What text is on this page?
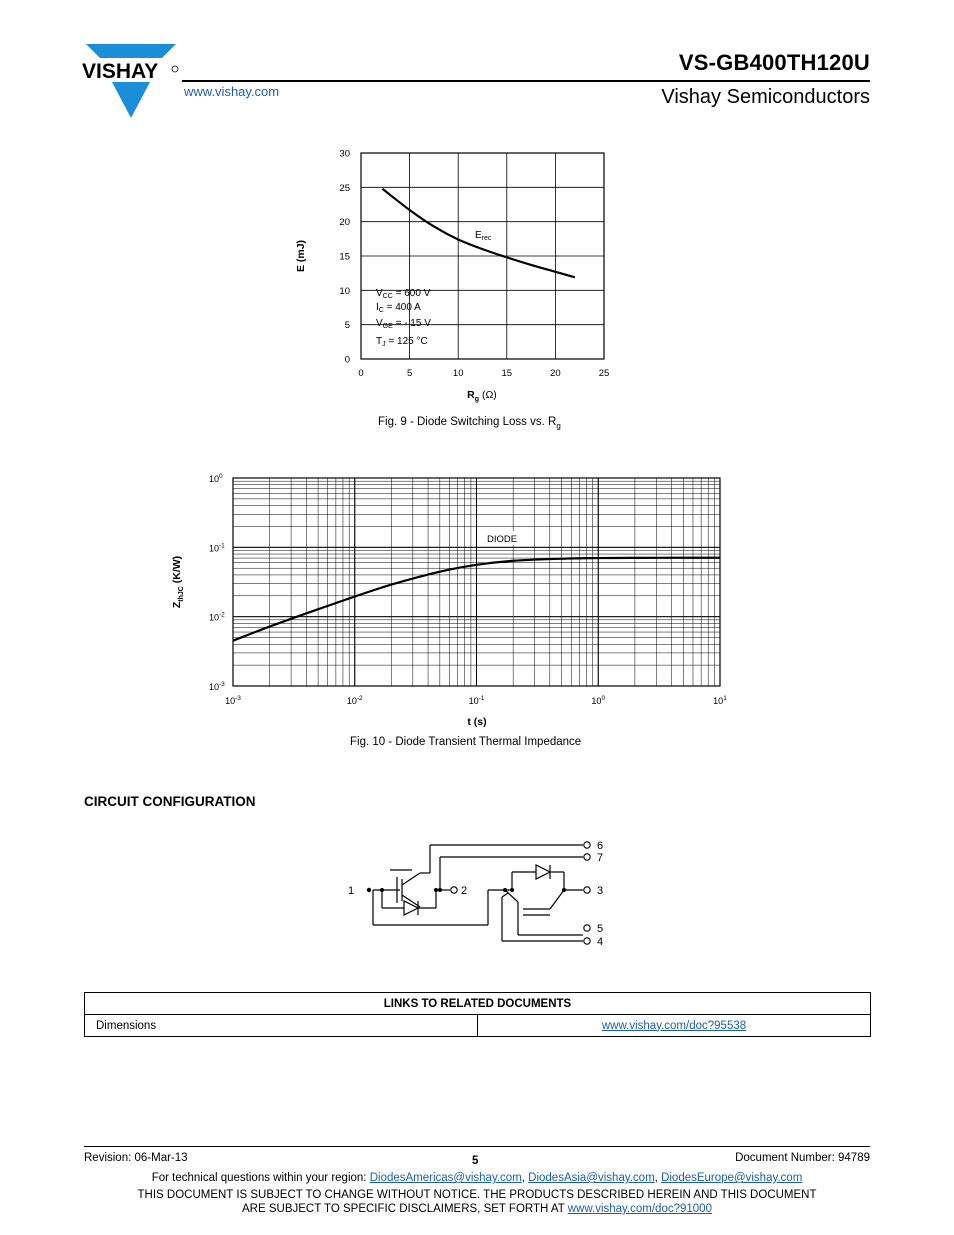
VISHAY
www.vishay.com
VS-GB400TH120U
Vishay Semiconductors
0	5	10	15	20	25
0
5
10
15
20
25
30
$E_{rec}$
$V_{CC} = 600$ V
$I_C = 400$ A
$V_{GE}$ = - 15 V
$T_J = 125$ °C
E (mJ)
$R_g$ (Ω)
Fig. 9 - Diode Switching Loss vs. $R_g$
$10^{-3}$	$10^{-2}$	$10^{-1}$	$10^0$	$10^1$
$10^{-3}$
$10^{-2}$
$10^{-1}$
$10^0$
DIODE
$Z_{thJC}$ (K/W)
t (s)
Fig. 10 - Diode Transient Thermal Impedance
CIRCUIT CONFIGURATION
1	2	3
4
5
6
7
LINKS TO RELATED DOCUMENTS
Dimensions	www.vishay.com/doc?95538
Revision: 06-Mar-13	5	Document Number: 94789
For technical questions within your region: DiodesAmericas@vishay.com, DiodesAsia@vishay.com, DiodesEurope@vishay.com
THIS DOCUMENT IS SUBJECT TO CHANGE WITHOUT NOTICE. THE PRODUCTS DESCRIBED HEREIN AND THIS DOCUMENT
ARE SUBJECT TO SPECIFIC DISCLAIMERS, SET FORTH AT www.vishay.com/doc?91000
